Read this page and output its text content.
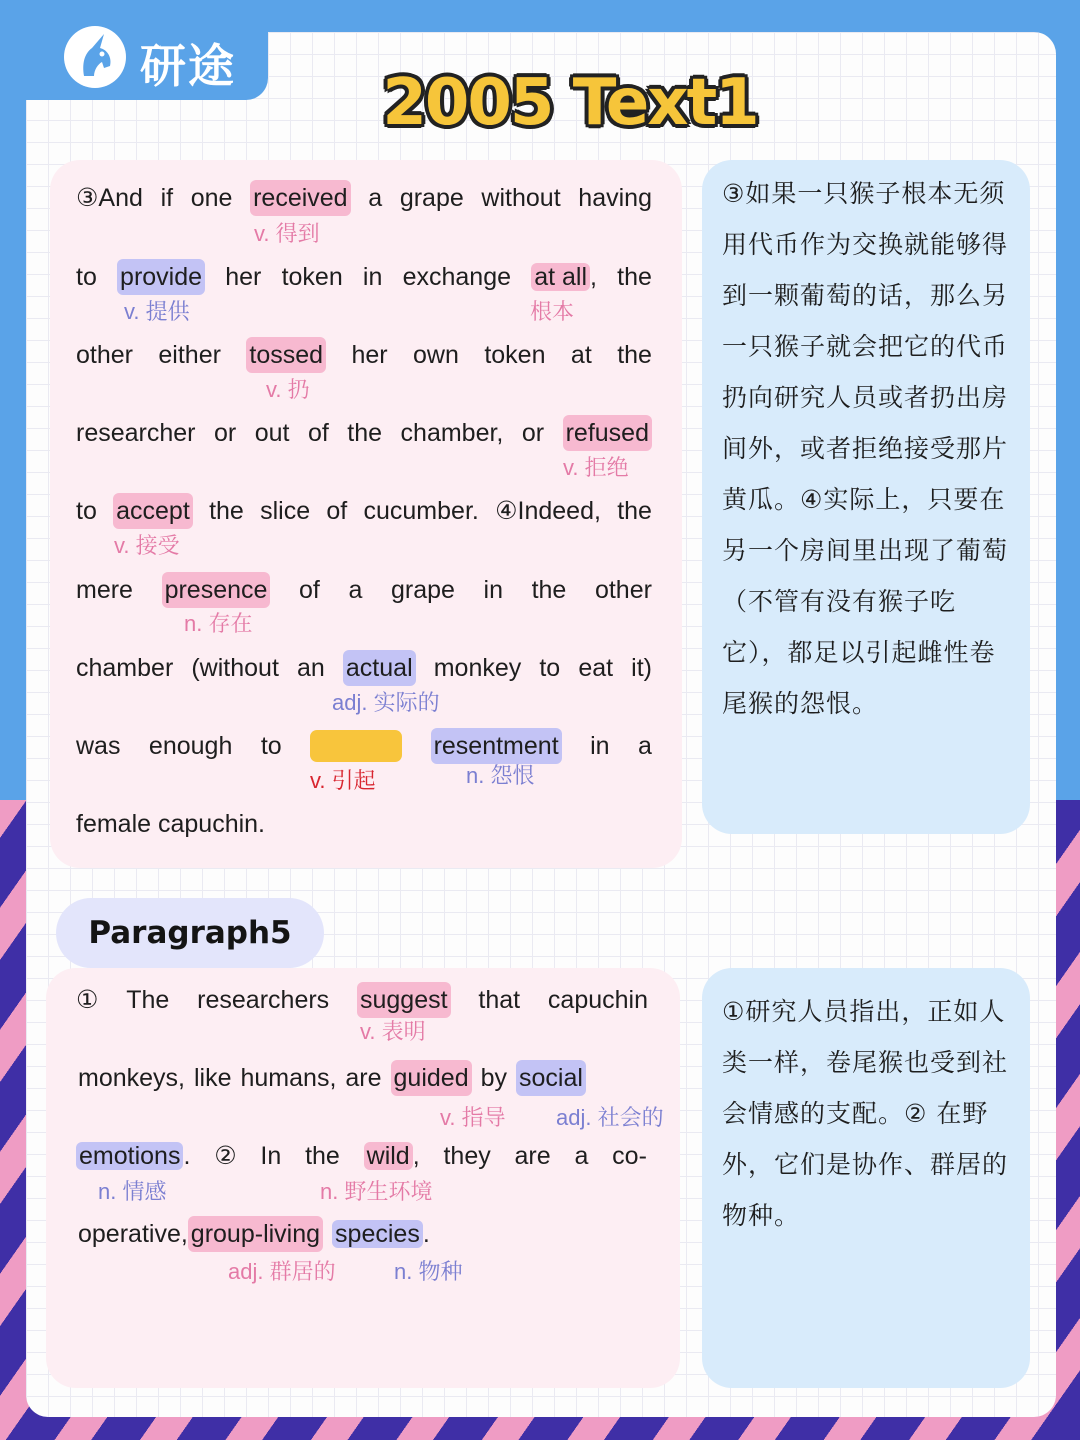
研途	2005 Text1
③And if one received a grape without having
v. 得到
to provide her token in exchange at all , the
v. 提供	根本
other either tossed her own token at the
v. 扔
researcher or out of the chamber, or refused
v. 拒绝
to accept the slice of cucumber. ④Indeed, the
v. 接受
mere presence of a grape in the other
n. 存在
chamber (without an actual monkey to eat it)
adj. 实际的
was enough to	resentment in a
v. 引起	n. 怨恨
female capuchin.
③如果一只猴子根本无须用代币作为交换就能够得到一颗葡萄的话，那么另一只猴子就会把它的代币扔向研究人员或者扔出房间外，或者拒绝接受那片黄瓜。④实际上，只要在另一个房间里出现了葡萄（不管有没有猴子吃它），都足以引起雌性卷尾猴的怨恨。
Paragraph5
① The researchers suggest that capuchin
v. 表明
monkeys, like humans, are guided by social
v. 指导 adj. 社会的
emotions . ② In the wild , they are a co-
n. 情感	n. 野生环境
operative, group-living species .
adj. 群居的	n. 物种
①研究人员指出，正如人类一样，卷尾猴也受到社会情感的支配。② 在野外，它们是协作、群居的物种。
